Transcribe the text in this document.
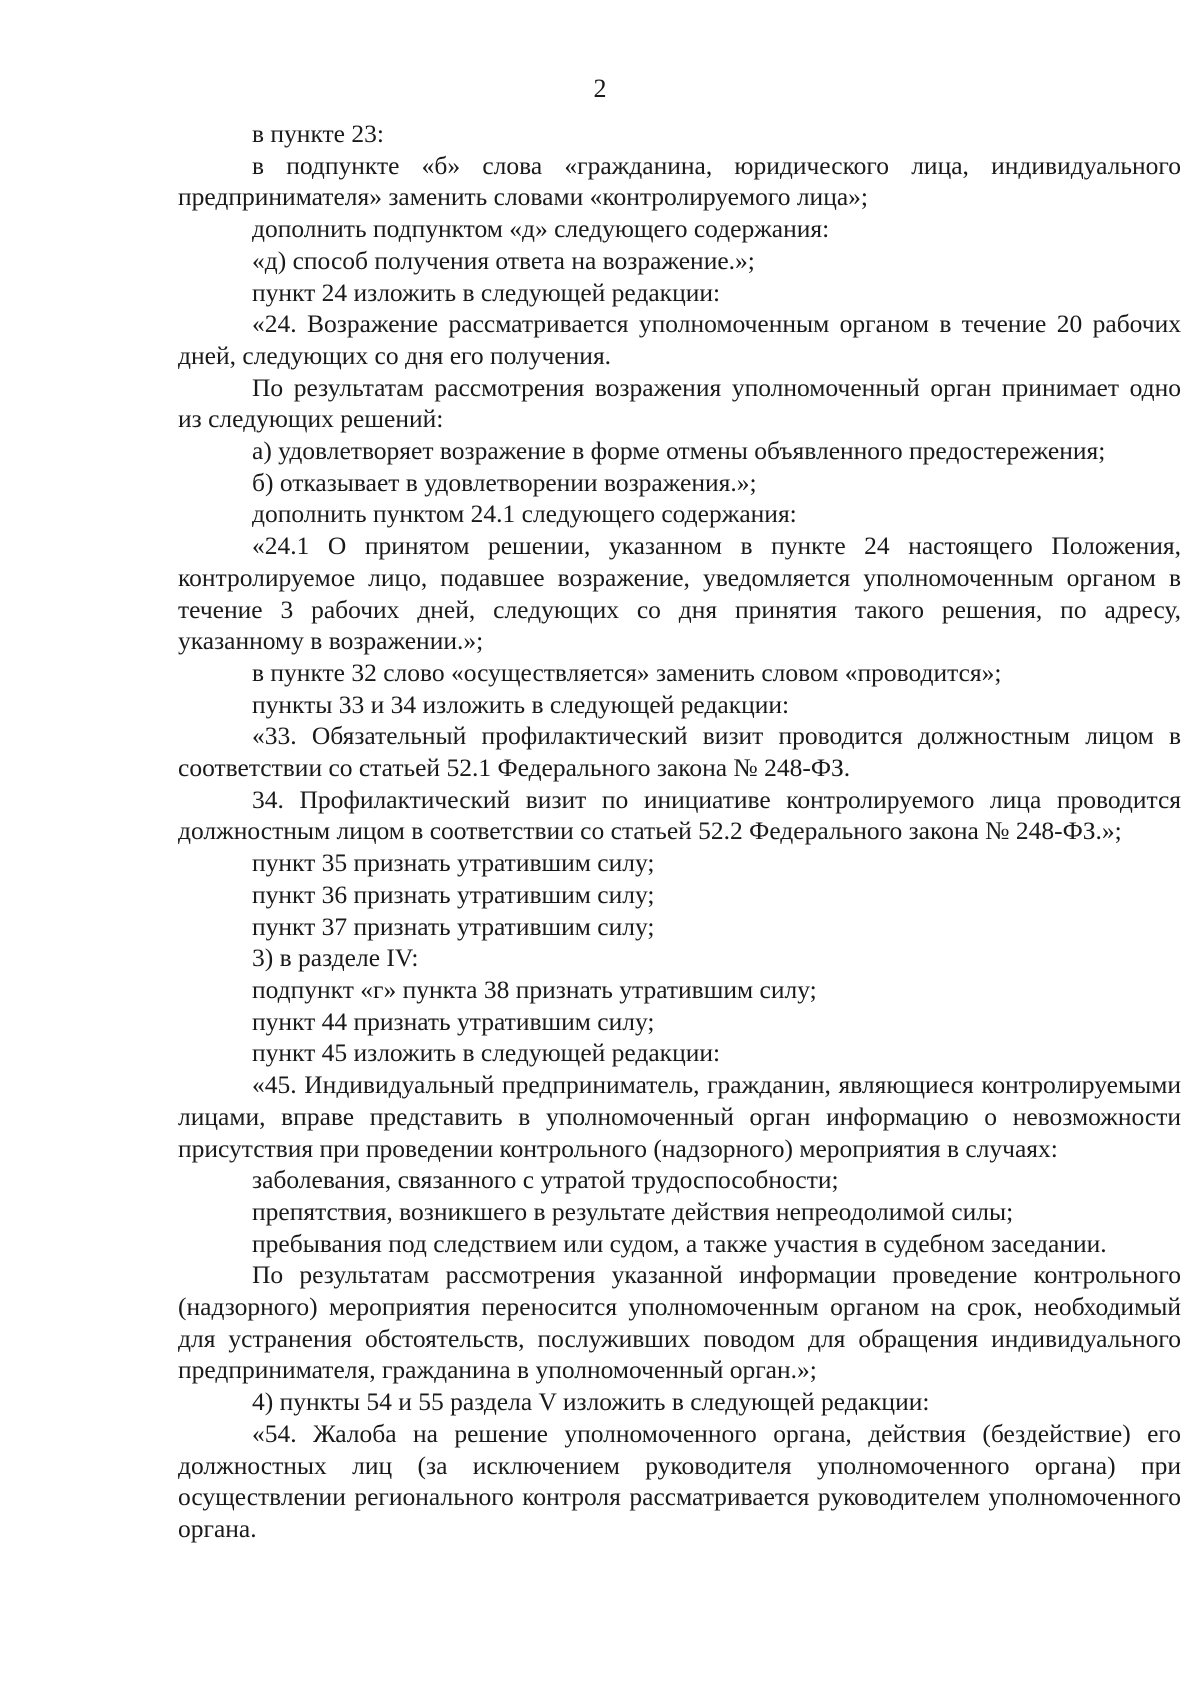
2

в пункте 23:

в подпункте «б» слова «гражданина, юридического лица, индивидуального предпринимателя» заменить словами «контролируемого лица»;

дополнить подпунктом «д» следующего содержания:

«д) способ получения ответа на возражение.»;

пункт 24 изложить в следующей редакции:

«24. Возражение рассматривается уполномоченным органом в течение 20 рабочих дней, следующих со дня его получения.

По результатам рассмотрения возражения уполномоченный орган принимает одно из следующих решений:

а) удовлетворяет возражение в форме отмены объявленного предостережения;

б) отказывает в удовлетворении возражения.»;

дополнить пунктом 24.1 следующего содержания:

«24.1 О принятом решении, указанном в пункте 24 настоящего Положения, контролируемое лицо, подавшее возражение, уведомляется уполномоченным органом в течение 3 рабочих дней, следующих со дня принятия такого решения, по адресу, указанному в возражении.»;

в пункте 32 слово «осуществляется» заменить словом «проводится»;

пункты 33 и 34 изложить в следующей редакции:

«33. Обязательный профилактический визит проводится должностным лицом в соответствии со статьей 52.1 Федерального закона № 248-ФЗ.

34. Профилактический визит по инициативе контролируемого лица проводится должностным лицом в соответствии со статьей 52.2 Федерального закона № 248-ФЗ.»;

пункт 35 признать утратившим силу;

пункт 36 признать утратившим силу;

пункт 37 признать утратившим силу;

3) в разделе IV:

подпункт «г» пункта 38 признать утратившим силу;

пункт 44 признать утратившим силу;

пункт 45 изложить в следующей редакции:

«45. Индивидуальный предприниматель, гражданин, являющиеся контролируемыми лицами, вправе представить в уполномоченный орган информацию о невозможности присутствия при проведении контрольного (надзорного) мероприятия в случаях:

заболевания, связанного с утратой трудоспособности;

препятствия, возникшего в результате действия непреодолимой силы;

пребывания под следствием или судом, а также участия в судебном заседании.

По результатам рассмотрения указанной информации проведение контрольного (надзорного) мероприятия переносится уполномоченным органом на срок, необходимый для устранения обстоятельств, послуживших поводом для обращения индивидуального предпринимателя, гражданина в уполномоченный орган.»;

4) пункты 54 и 55 раздела V изложить в следующей редакции:

«54. Жалоба на решение уполномоченного органа, действия (бездействие) его должностных лиц (за исключением руководителя уполномоченного органа) при осуществлении регионального контроля рассматривается руководителем уполномоченного органа.
